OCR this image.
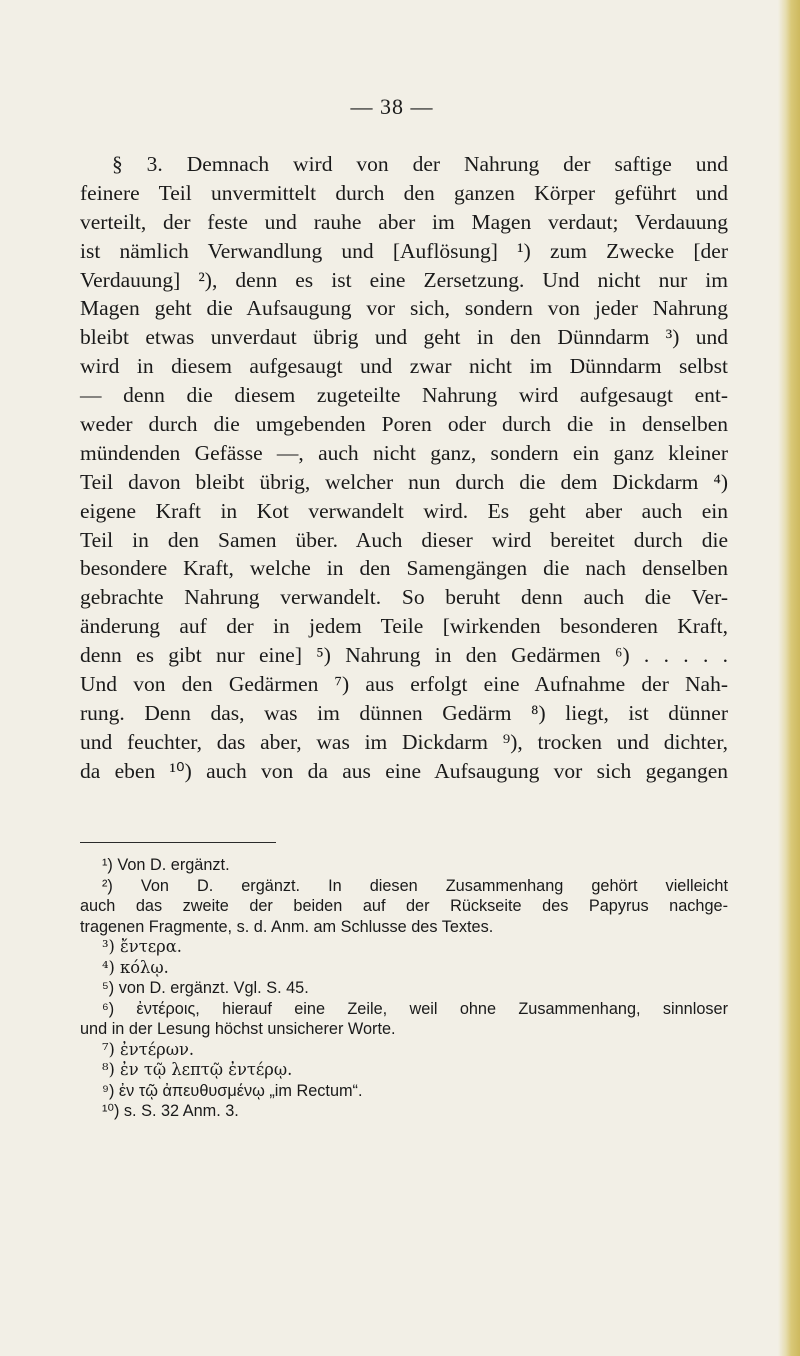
— 38 —
§ 3. Demnach wird von der Nahrung der saftige und
feinere Teil unvermittelt durch den ganzen Körper geführt und
verteilt, der feste und rauhe aber im Magen verdaut; Verdauung
ist nämlich Verwandlung und [Auflösung] ¹) zum Zwecke [der
Verdauung] ²), denn es ist eine Zersetzung. Und nicht nur im
Magen geht die Aufsaugung vor sich, sondern von jeder Nahrung
bleibt etwas unverdaut übrig und geht in den Dünndarm ³) und
wird in diesem aufgesaugt und zwar nicht im Dünndarm selbst
— denn die diesem zugeteilte Nahrung wird aufgesaugt ent-
weder durch die umgebenden Poren oder durch die in denselben
mündenden Gefässe —, auch nicht ganz, sondern ein ganz kleiner
Teil davon bleibt übrig, welcher nun durch die dem Dickdarm ⁴)
eigene Kraft in Kot verwandelt wird. Es geht aber auch ein
Teil in den Samen über. Auch dieser wird bereitet durch die
besondere Kraft, welche in den Samengängen die nach denselben
gebrachte Nahrung verwandelt. So beruht denn auch die Ver-
änderung auf der in jedem Teile [wirkenden besonderen Kraft,
denn es gibt nur eine] ⁵) Nahrung in den Gedärmen ⁶) . . . . .
Und von den Gedärmen ⁷) aus erfolgt eine Aufnahme der Nah-
rung. Denn das, was im dünnen Gedärm ⁸) liegt, ist dünner
und feuchter, das aber, was im Dickdarm ⁹), trocken und dichter,
da eben ¹⁰) auch von da aus eine Aufsaugung vor sich gegangen
¹) Von D. ergänzt.
²) Von D. ergänzt. In diesen Zusammenhang gehört vielleicht
auch das zweite der beiden auf der Rückseite des Papyrus nachge-
tragenen Fragmente, s. d. Anm. am Schlusse des Textes.
³) ἔντερα.
⁴) κόλῳ.
⁵) von D. ergänzt. Vgl. S. 45.
⁶) ἐντέροις, hierauf eine Zeile, weil ohne Zusammenhang, sinnloser
und in der Lesung höchst unsicherer Worte.
⁷) ἐντέρων.
⁸) ἐν τῷ λεπτῷ ἐντέρῳ.
⁹) ἐν τῷ ἀπευθυσμένῳ „im Rectum“.
¹⁰) s. S. 32 Anm. 3.
